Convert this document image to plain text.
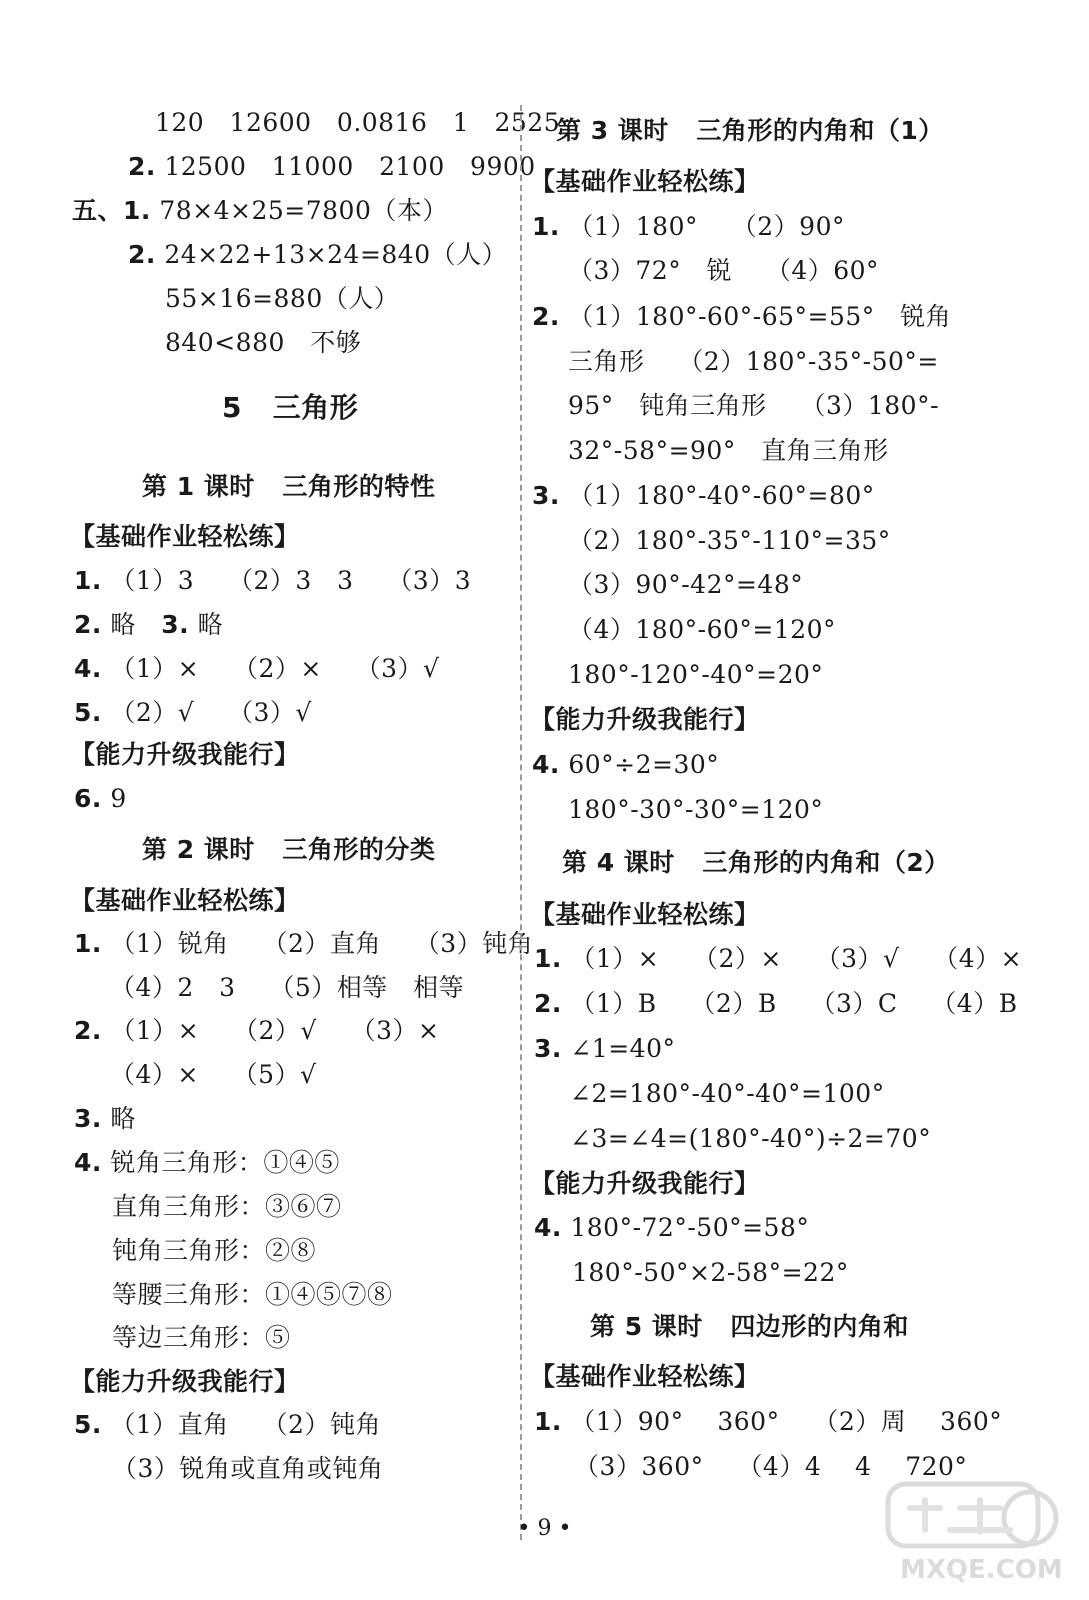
120   12600   0.0816   1   2525
2. 12500   11000   2100   9900
五、1. 78×4×25=7800（本）
2. 24×22+13×24=840（人）
55×16=880（人）
840<880   不够
5   三角形
第 1 课时   三角形的特性
【基础作业轻松练】
1. （1）3    （2）3   3    （3）3
2. 略   3. 略
4. （1）×    （2）×    （3）√
5. （2）√    （3）√
【能力升级我能行】
6. 9
第 2 课时   三角形的分类
【基础作业轻松练】
1. （1）锐角    （2）直角    （3）钝角
（4）2   3    （5）相等   相等
2. （1）×    （2）√    （3）×
（4）×    （5）√
3. 略
4. 锐角三角形：①④⑤
直角三角形：③⑥⑦
钝角三角形：②⑧
等腰三角形：①④⑤⑦⑧
等边三角形：⑤
【能力升级我能行】
5. （1）直角    （2）钝角
（3）锐角或直角或钝角
第 3 课时   三角形的内角和（1）
【基础作业轻松练】
1. （1）180°    （2）90°
（3）72°   锐    （4）60°
2. （1）180°-60°-65°=55°   锐角
三角形    （2）180°-35°-50°=
95°   钝角三角形    （3）180°-
32°-58°=90°   直角三角形
3. （1）180°-40°-60°=80°
（2）180°-35°-110°=35°
（3）90°-42°=48°
（4）180°-60°=120°
180°-120°-40°=20°
【能力升级我能行】
4. 60°÷2=30°
180°-30°-30°=120°
第 4 课时   三角形的内角和（2）
【基础作业轻松练】
1. （1）×    （2）×    （3）√    （4）×
2. （1）B    （2）B    （3）C    （4）B
3. ∠1=40°
∠2=180°-40°-40°=100°
∠3=∠4=(180°-40°)÷2=70°
【能力升级我能行】
4. 180°-72°-50°=58°
180°-50°×2-58°=22°
第 5 课时   四边形的内角和
【基础作业轻松练】
1. （1）90°    360°    （2）周    360°
（3）360°    （4）4    4    720°
• 9 •
MXQE.COM
